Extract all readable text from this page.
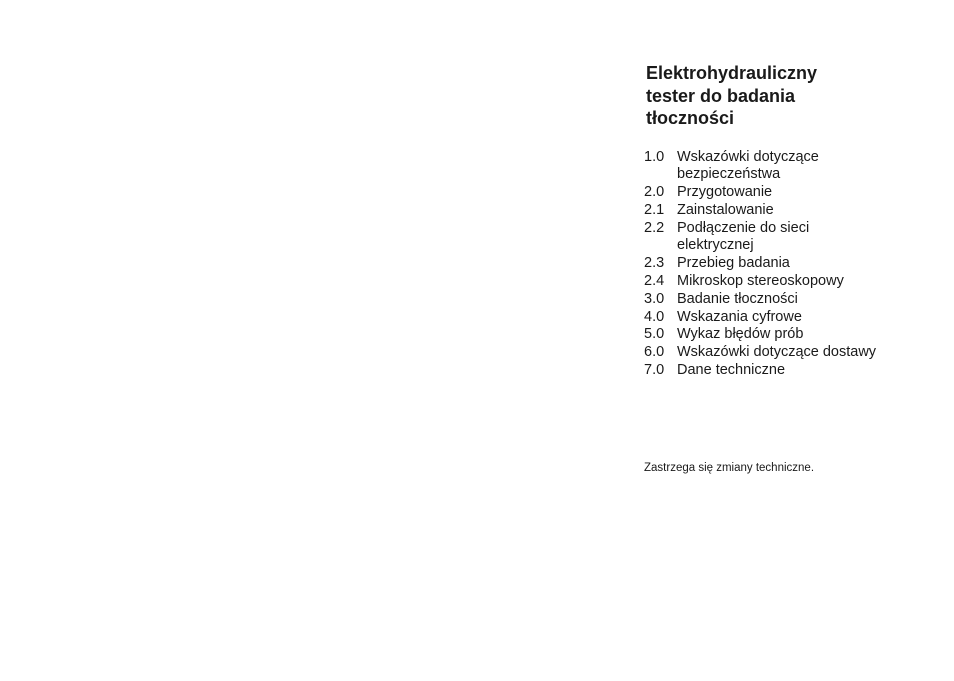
Elektrohydrauliczny
tester do badania
tłoczności
1.0 Wskazówki dotyczące
bezpieczeństwa
2.0 Przygotowanie
2.1 Zainstalowanie
2.2 Podłączenie do sieci
elektrycznej
2.3 Przebieg badania
2.4 Mikroskop stereoskopowy
3.0 Badanie tłoczności
4.0 Wskazania cyfrowe
5.0 Wykaz błędów prób
6.0 Wskazówki dotyczące dostawy
7.0 Dane techniczne
Zastrzega się zmiany techniczne.
